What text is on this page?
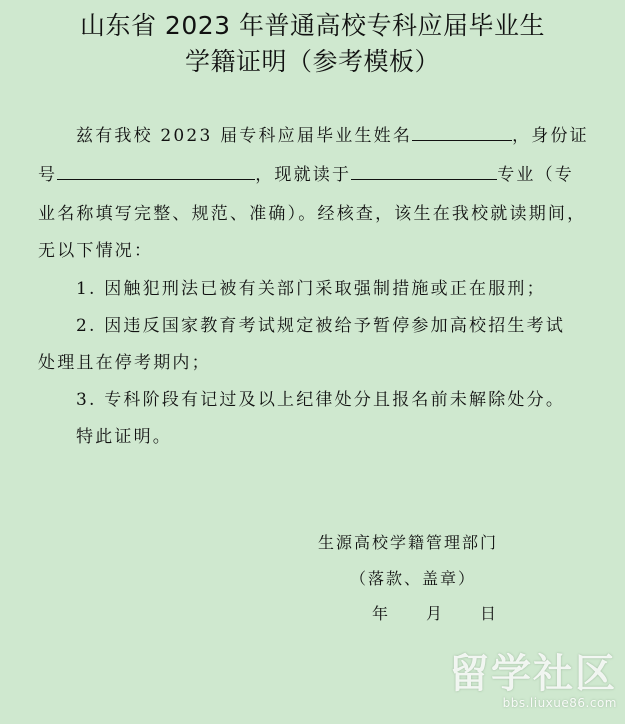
山东省 2023 年普通高校专科应届毕业生
学籍证明（参考模板）
兹有我校 2023 届专科应届毕业生姓名	，身份证
号	，现就读于	专业（专
业名称填写完整、规范、准确）。经核查，该生在我校就读期间，
无以下情况：
1. 因触犯刑法已被有关部门采取强制措施或正在服刑；
2. 因违反国家教育考试规定被给予暂停参加高校招生考试
处理且在停考期内；
3. 专科阶段有记过及以上纪律处分且报名前未解除处分。
特此证明。
生源高校学籍管理部门
（落款、盖章）
年　　月　　日
留学社区
bbs.liuxue86.com
